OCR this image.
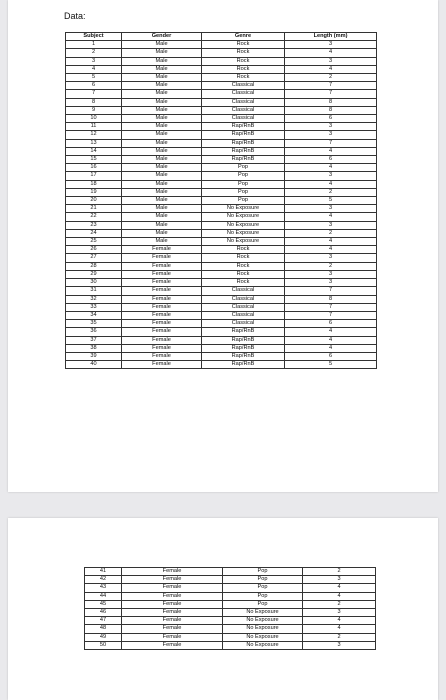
Data:
Subject	Gender	Genre	Length (mm)
1	Male	Rock	3
2	Male	Rock	4
3	Male	Rock	3
4	Male	Rock	4
5	Male	Rock	2
6	Male	Classical	7
7	Male	Classical	7
8	Male	Classical	8
9	Male	Classical	8
10	Male	Classical	6
11	Male	Rap/RnB	3
12	Male	Rap/RnB	3
13	Male	Rap/RnB	7
14	Male	Rap/RnB	4
15	Male	Rap/RnB	6
16	Male	Pop	4
17	Male	Pop	3
18	Male	Pop	4
19	Male	Pop	2
20	Male	Pop	5
21	Male	No Exposure	3
22	Male	No Exposure	4
23	Male	No Exposure	3
24	Male	No Exposure	2
25	Male	No Exposure	4
26	Female	Rock	4
27	Female	Rock	3
28	Female	Rock	2
29	Female	Rock	3
30	Female	Rock	3
31	Female	Classical	7
32	Female	Classical	8
33	Female	Classical	7
34	Female	Classical	7
35	Female	Classical	6
36	Female	Rap/RnB	4
37	Female	Rap/RnB	4
38	Female	Rap/RnB	4
39	Female	Rap/RnB	6
40	Female	Rap/RnB	5
41	Female	Pop	2
42	Female	Pop	3
43	Female	Pop	4
44	Female	Pop	4
45	Female	Pop	2
46	Female	No Exposure	3
47	Female	No Exposure	4
48	Female	No Exposure	4
49	Female	No Exposure	2
50	Female	No Exposure	3
